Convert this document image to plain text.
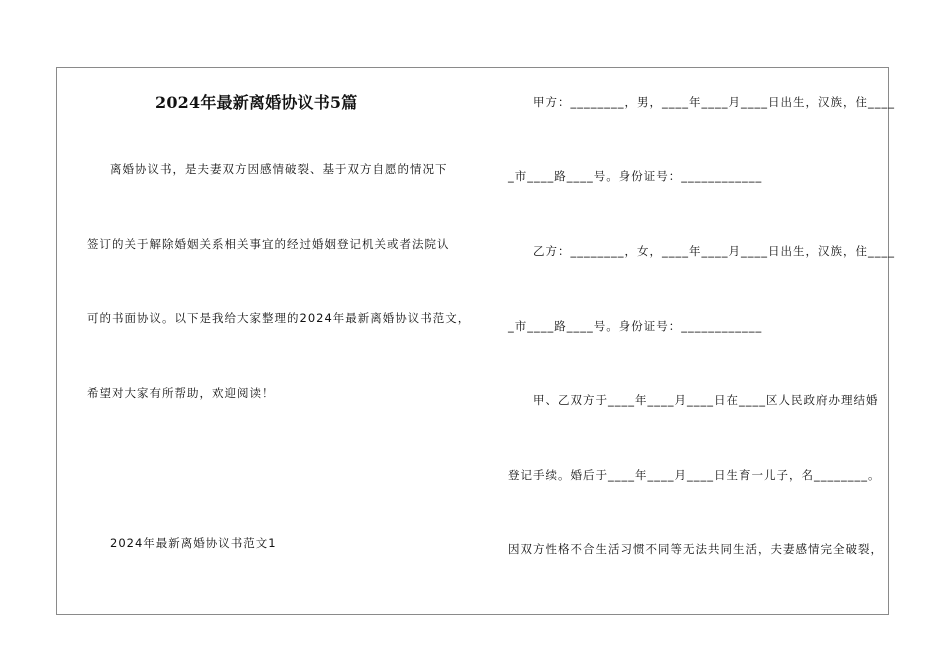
2024年最新离婚协议书5篇
离婚协议书，是夫妻双方因感情破裂、基于双方自愿的情况下
签订的关于解除婚姻关系相关事宜的经过婚姻登记机关或者法院认
可的书面协议。以下是我给大家整理的2024年最新离婚协议书范文，
希望对大家有所帮助，欢迎阅读！
2024年最新离婚协议书范文1
甲方：________，男，____年____月____日出生，汉族，住____
_市____路____号。身份证号：____________
乙方：________，女，____年____月____日出生，汉族，住____
_市____路____号。身份证号：____________
甲、乙双方于____年____月____日在____区人民政府办理结婚
登记手续。婚后于____年____月____日生育一儿子，名________。
因双方性格不合生活习惯不同等无法共同生活，夫妻感情完全破裂，
